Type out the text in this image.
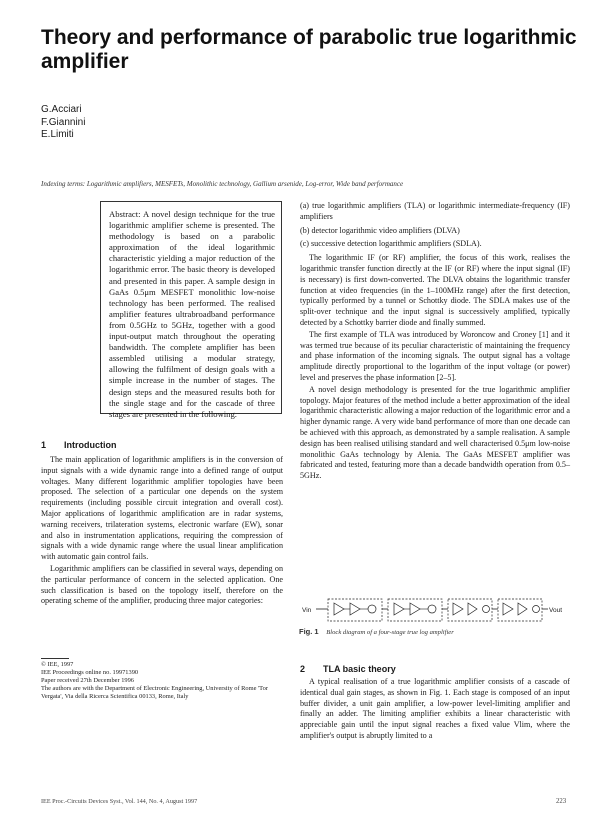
Theory and performance of parabolic true logarithmic amplifier
G.Acciari
F.Giannini
E.Limiti
Indexing terms: Logarithmic amplifiers, MESFETs, Monolithic technology, Gallium arsenide, Log-error, Wide band performance

Abstract: A novel design technique for the true logarithmic amplifier scheme is presented. The methodology is based on a parabolic approximation of the ideal logarithmic characteristic yielding a major reduction of the logarithmic error. The basic theory is developed and presented in this paper. A sample design in GaAs 0.5μm MESFET monolithic low-noise technology has been performed. The realised amplifier features ultrabroadband performance from 0.5GHz to 5GHz, together with a good input-output match throughout the operating bandwidth. The complete amplifier has been assembled utilising a modular strategy, allowing the fulfilment of design goals with a simple increase in the number of stages. The design steps and the measured results both for the single stage and for the cascade of three stages are presented in the following.

1 Introduction

The main application of logarithmic amplifiers is in the conversion of input signals with a wide dynamic range into a defined range of output voltages. Many different logarithmic amplifier topologies have been proposed. The selection of a particular one depends on the system requirements (including possible circuit integration and overall cost). Major applications of logarithmic amplification are in radar systems, warning receivers, trilateration systems, electronic warfare (EW), sonar and also in instrumentation applications, requiring the compression of signals with a wide dynamic range where the usual linear amplification with automatic gain control fails.

Logarithmic amplifiers can be classified in several ways, depending on the particular performance of concern in the selected application. One such classification is based on the topology itself, therefore on the operating scheme of the amplifier, producing three major categories:

© IEE, 1997

IEE Proceedings online no. 19971390

Paper received 27th December 1996

The authors are with the Department of Electronic Engineering, University of Rome 'Tor Vergata', Via della Ricerca Scientifica 00133, Rome, Italy

(a) true logarithmic amplifiers (TLA) or logarithmic intermediate-frequency (IF) amplifiers

(b) detector logarithmic video amplifiers (DLVA)

(c) successive detection logarithmic amplifiers (SDLA).

The logarithmic IF (or RF) amplifier, the focus of this work, realises the logarithmic transfer function directly at the IF (or RF) where the input signal (IF) is necessary) is first down-converted. The DLVA obtains the logarithmic transfer function at video frequencies (in the 1–100MHz range) after the first detection, typically performed by a tunnel or Schottky diode. The SDLA makes use of the split-over technique and the input signal is successively amplified, typically detected by a Schottky barrier diode and finally summed.

The first example of TLA was introduced by Woroncow and Croney [1] and it was termed true because of its peculiar characteristic of maintaining the frequency and phase information of the incoming signals. The output signal has a voltage amplitude directly proportional to the logarithm of the input voltage (or power) level and preserves the phase information [2–5].

A novel design methodology is presented for the true logarithmic amplifier topology. Major features of the method include a better approximation of the ideal logarithmic characteristic allowing a major reduction of the logarithmic error and a higher dynamic range. A very wide band performance of more than one decade can be achieved with this approach, as demonstrated by a sample realisation. A sample design has been realised utilising standard and well characterised 0.5μm low-noise monolithic GaAs technology by Alenia. The GaAs MESFET amplifier was fabricated and tested, featuring more than a decade bandwidth operation from 0.5–5GHz.

Vin	Vout
Fig. 1 Block diagram of a four-stage true log amplifier
2 TLA basic theory

A typical realisation of a true logarithmic amplifier consists of a cascade of identical dual gain stages, as shown in Fig. 1. Each stage is composed of an input buffer divider, a unit gain amplifier, a low-power level-limiting amplifier and finally an adder. The limiting amplifier exhibits a linear characteristic with appreciable gain until the input signal reaches a fixed value Vlim, where the amplifier's output is abruptly limited to a

IEE Proc.-Circuits Devices Syst., Vol. 144, No. 4, August 1997	223
